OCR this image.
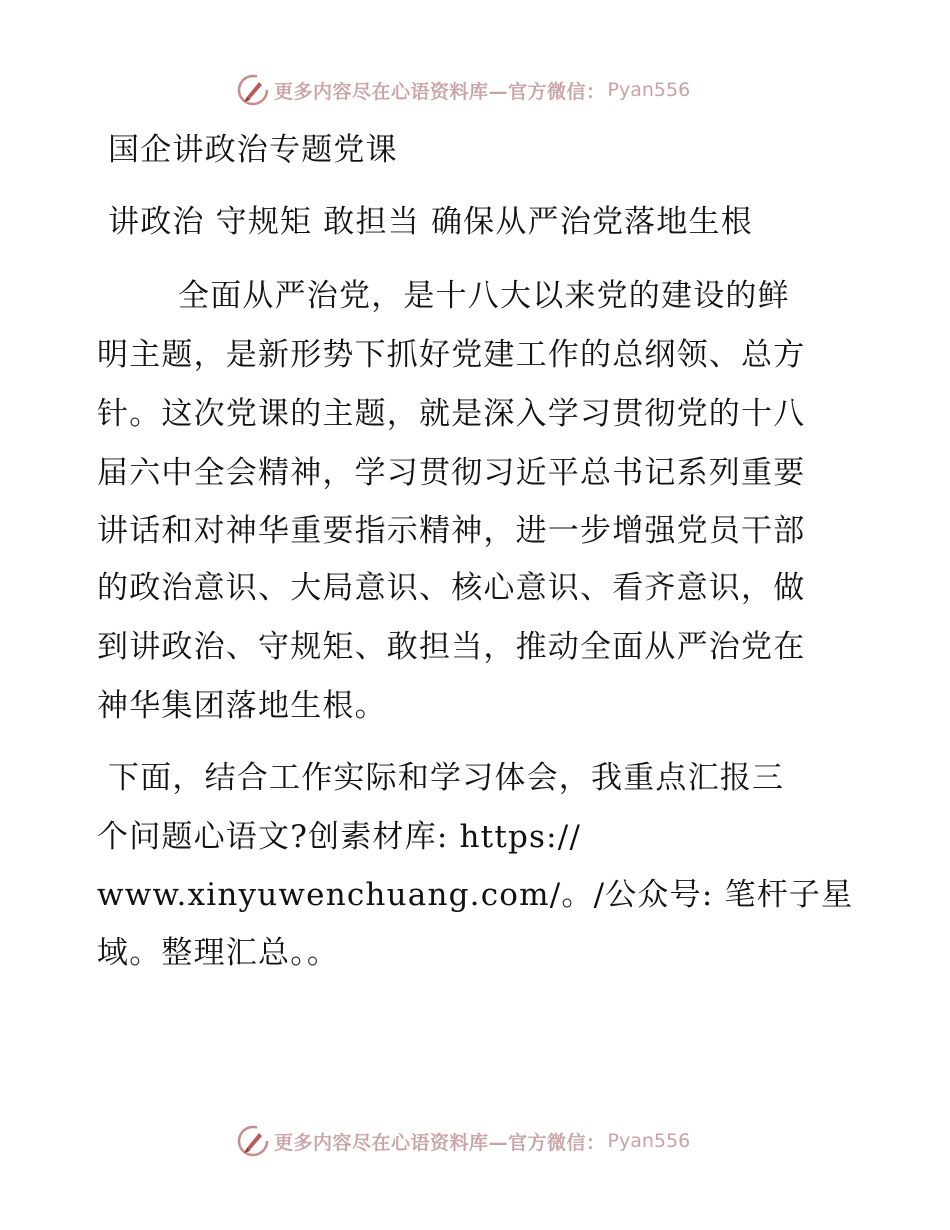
更多内容尽在心语资料库—官方微信： Pyan556
国企讲政治专题党课
讲政治 守规矩 敢担当 确保从严治党落地生根
全面从严治党，是十八大以来党的建设的鲜
明主题，是新形势下抓好党建工作的总纲领、总方
针。这次党课的主题，就是深入学习贯彻党的十八
届六中全会精神，学习贯彻习近平总书记系列重要
讲话和对神华重要指示精神，进一步增强党员干部
的政治意识、大局意识、核心意识、看齐意识，做
到讲政治、守规矩、敢担当，推动全面从严治党在
神华集团落地生根。
下面，结合工作实际和学习体会，我重点汇报三
个问题心语文?创素材库: https://
www.xinyuwenchuang.com/。/公众号: 笔杆子星
域。整理汇总。。
更多内容尽在心语资料库—官方微信： Pyan556
